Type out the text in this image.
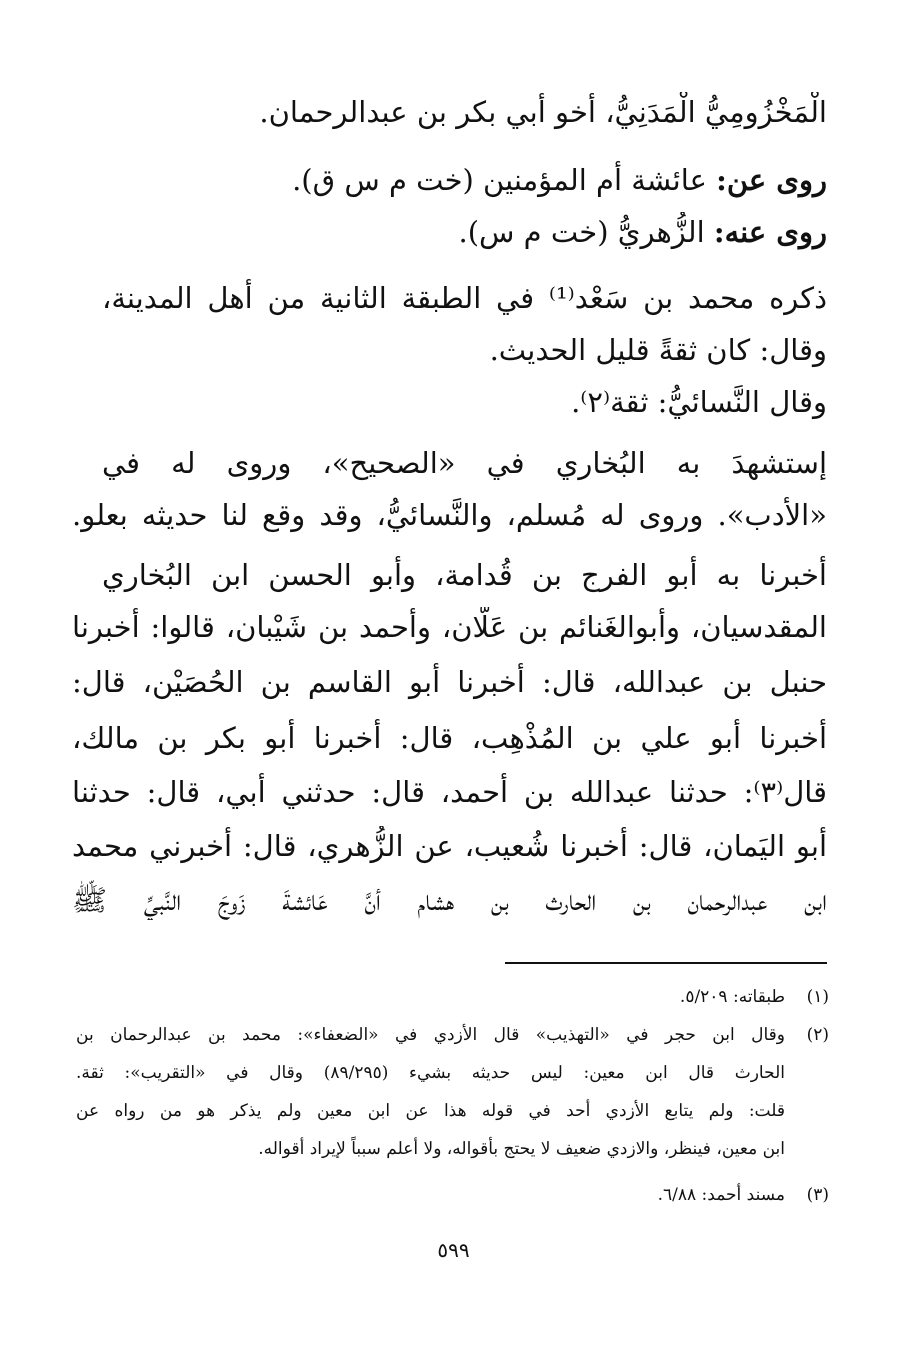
الْمَخْزُومِيُّ الْمَدَنِيُّ، أخو أبي بكر بن عبدالرحمان.
روى عن: عائشة أم المؤمنين (خت م س ق).
روى عنه: الزُّهريُّ (خت م س).
ذكره محمد بن سَعْد⁽¹⁾ في الطبقة الثانية من أهل المدينة،
وقال: كان ثقةً قليل الحديث.
وقال النَّسائيُّ: ثقة⁽٢⁾.
إستشهدَ به البُخاري في «الصحيح»، وروى له في
«الأدب». وروى له مُسلم، والنَّسائيُّ، وقد وقع لنا حديثه بعلو.
أخبرنا به أبو الفرج بن قُدامة، وأبو الحسن ابن البُخاري
المقدسيان، وأبوالغَنائم بن عَلّان، وأحمد بن شَيْبان، قالوا: أخبرنا
حنبل بن عبدالله، قال: أخبرنا أبو القاسم بن الحُصَيْن، قال:
أخبرنا أبو علي بن المُذْهِب، قال: أخبرنا أبو بكر بن مالك،
قال⁽٣⁾: حدثنا عبدالله بن أحمد، قال: حدثني أبي، قال: حدثنا
أبو اليَمان، قال: أخبرنا شُعيب، عن الزُّهري، قال: أخبرني محمد
ابن عبدالرحمان بن الحارث بن هشام أنَّ عَائشةَ زَوجَ النَّبيِّ ﷺ
(١)طبقاته: ٥/٢٠٩.
(٢)وقال ابن حجر في «التهذيب» قال الأزدي في «الضعفاء»: محمد بن عبدالرحمان بن
الحارث قال ابن معين: ليس حديثه بشيء (٨٩/٢٩٥) وقال في «التقريب»: ثقة.
قلت: ولم يتابع الأزدي أحد في قوله هذا عن ابن معين ولم يذكر هو من رواه عن
ابن معين، فينظر، والازدي ضعيف لا يحتج بأقواله، ولا أعلم سبباً لإيراد أقواله.
(٣)مسند أحمد: ٦/٨٨.
٥٩٩
